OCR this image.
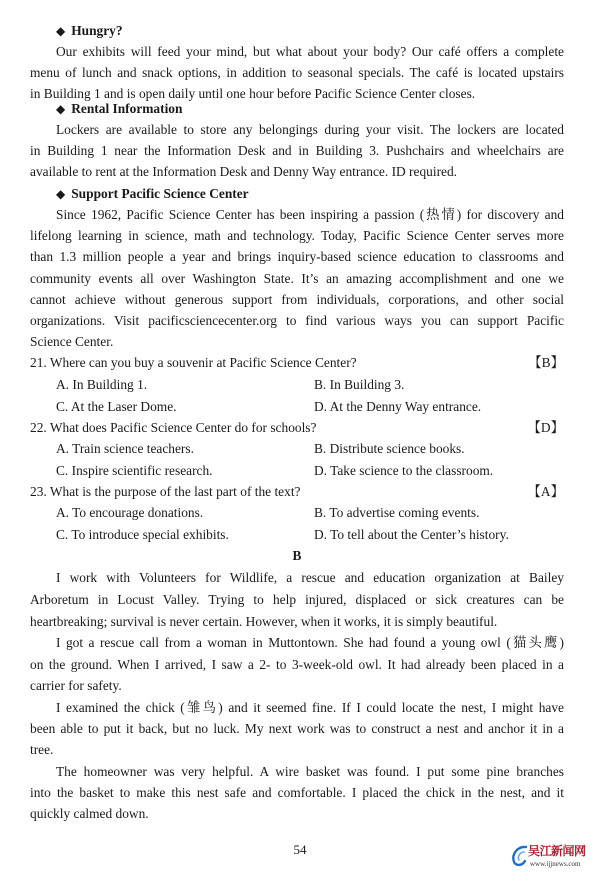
◆ Hungry?
Our exhibits will feed your mind, but what about your body? Our café offers a complete
menu of lunch and snack options, in addition to seasonal specials. The café is located upstairs
in Building 1 and is open daily until one hour before Pacific Science Center closes.
◆ Rental Information
Lockers are available to store any belongings during your visit. The lockers are located
in Building 1 near the Information Desk and in Building 3. Pushchairs and wheelchairs are
available to rent at the Information Desk and Denny Way entrance. ID required.
◆ Support Pacific Science Center
Since 1962, Pacific Science Center has been inspiring a passion (热情) for discovery and
lifelong learning in science, math and technology. Today, Pacific Science Center serves more
than 1.3 million people a year and brings inquiry-based science education to classrooms and
community events all over Washington State. It’s an amazing accomplishment and one we
cannot achieve without generous support from individuals, corporations, and other social
organizations. Visit pacificsciencecenter.org to find various ways you can support Pacific
Science Center.
21. Where can you buy a souvenir at Pacific Science Center?	【B】
A. In Building 1.	B. In Building 3.
C. At the Laser Dome.	D. At the Denny Way entrance.
22. What does Pacific Science Center do for schools?	【D】
A. Train science teachers.	B. Distribute science books.
C. Inspire scientific research.	D. Take science to the classroom.
23. What is the purpose of the last part of the text?	【A】
A. To encourage donations.	B. To advertise coming events.
C. To introduce special exhibits.	D. To tell about the Center’s history.
B
I work with Volunteers for Wildlife, a rescue and education organization at Bailey
Arboretum in Locust Valley. Trying to help injured, displaced or sick creatures can be
heartbreaking; survival is never certain. However, when it works, it is simply beautiful.
I got a rescue call from a woman in Muttontown. She had found a young owl (猫头鹰)
on the ground. When I arrived, I saw a 2- to 3-week-old owl. It had already been placed in a
carrier for safety.
I examined the chick (雏鸟) and it seemed fine. If I could locate the nest, I might have
been able to put it back, but no luck. My next work was to construct a nest and anchor it in a
tree.
The homeowner was very helpful. A wire basket was found. I put some pine branches
into the basket to make this nest safe and comfortable. I placed the chick in the nest, and it
quickly calmed down.
54	吴江新闻网
www.ijjnews.com
